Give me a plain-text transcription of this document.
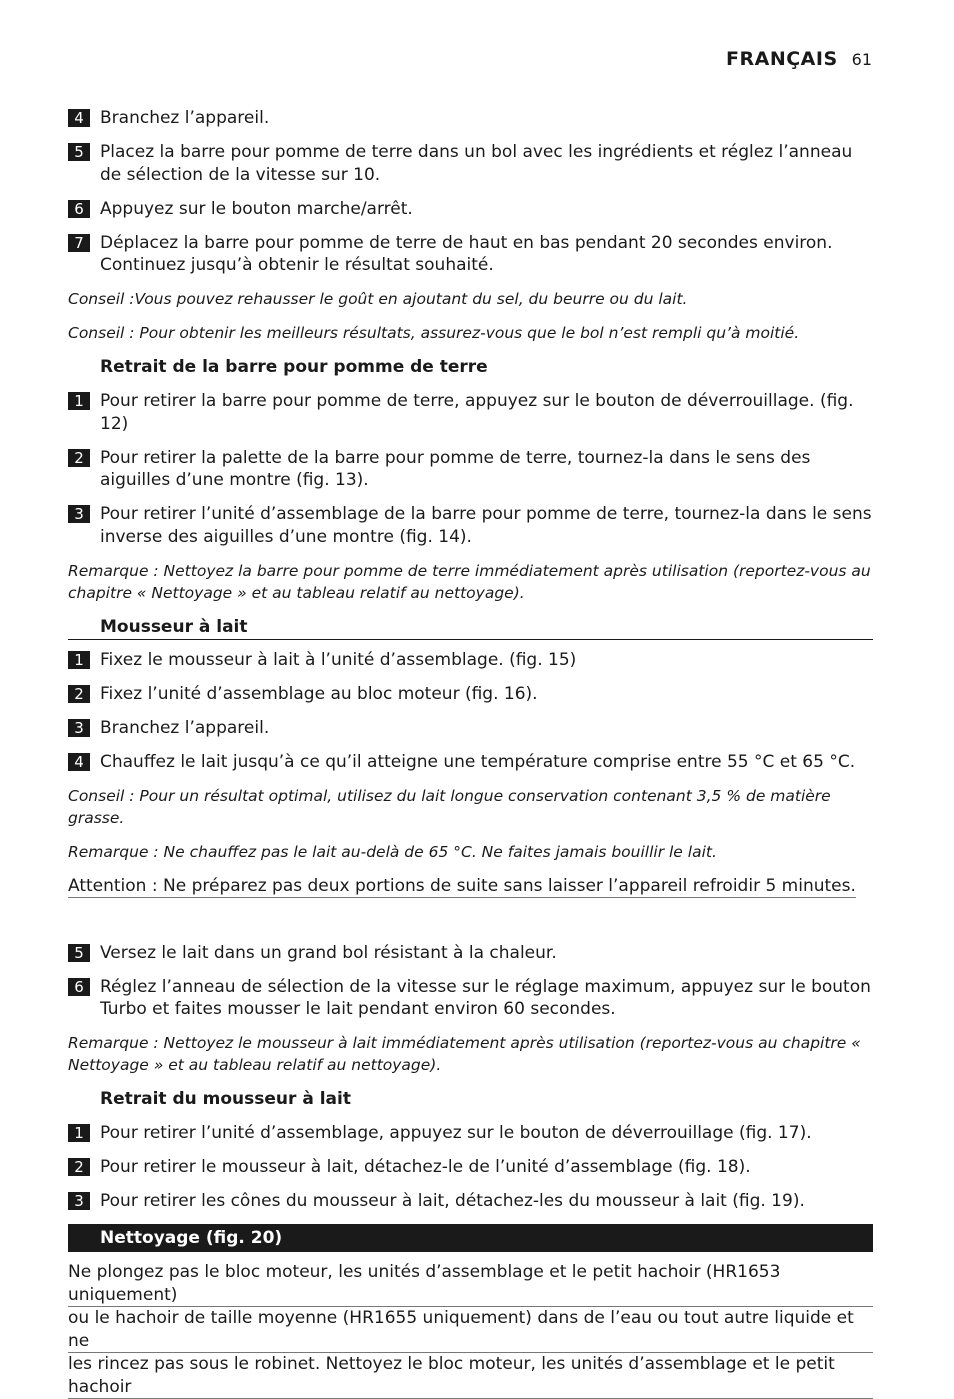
FRANÇAIS 61
4 Branchez l’appareil.
5 Placez la barre pour pomme de terre dans un bol avec les ingrédients et réglez l’anneau de sélection de la vitesse sur 10.
6 Appuyez sur le bouton marche/arrêt.
7 Déplacez la barre pour pomme de terre de haut en bas pendant 20 secondes environ. Continuez jusqu’à obtenir le résultat souhaité.
Conseil :Vous pouvez rehausser le goût en ajoutant du sel, du beurre ou du lait.
Conseil : Pour obtenir les meilleurs résultats, assurez-vous que le bol n’est rempli qu’à moitié.
Retrait de la barre pour pomme de terre
1 Pour retirer la barre pour pomme de terre, appuyez sur le bouton de déverrouillage. (fig. 12)
2 Pour retirer la palette de la barre pour pomme de terre, tournez-la dans le sens des aiguilles d’une montre (fig. 13).
3 Pour retirer l’unité d’assemblage de la barre pour pomme de terre, tournez-la dans le sens inverse des aiguilles d’une montre (fig. 14).
Remarque : Nettoyez la barre pour pomme de terre immédiatement après utilisation (reportez-vous au chapitre « Nettoyage » et au tableau relatif au nettoyage).
Mousseur à lait
1 Fixez le mousseur à lait à l’unité d’assemblage. (fig. 15)
2 Fixez l’unité d’assemblage au bloc moteur (fig. 16).
3 Branchez l’appareil.
4 Chauffez le lait jusqu’à ce qu’il atteigne une température comprise entre 55 °C et 65 °C.
Conseil : Pour un résultat optimal, utilisez du lait longue conservation contenant 3,5 % de matière grasse.
Remarque : Ne chauffez pas le lait au-delà de 65 °C. Ne faites jamais bouillir le lait.
Attention : Ne préparez pas deux portions de suite sans laisser l’appareil refroidir 5 minutes.
5 Versez le lait dans un grand bol résistant à la chaleur.
6 Réglez l’anneau de sélection de la vitesse sur le réglage maximum, appuyez sur le bouton Turbo et faites mousser le lait pendant environ 60 secondes.
Remarque : Nettoyez le mousseur à lait immédiatement après utilisation (reportez-vous au chapitre « Nettoyage » et au tableau relatif au nettoyage).
Retrait du mousseur à lait
1 Pour retirer l’unité d’assemblage, appuyez sur le bouton de déverrouillage (fig. 17).
2 Pour retirer le mousseur à lait, détachez-le de l’unité d’assemblage (fig. 18).
3 Pour retirer les cônes du mousseur à lait, détachez-les du mousseur à lait (fig. 19).
Nettoyage (fig. 20)
Ne plongez pas le bloc moteur, les unités d’assemblage et le petit hachoir (HR1653 uniquement)
ou le hachoir de taille moyenne (HR1655 uniquement) dans de l’eau ou tout autre liquide et ne
les rincez pas sous le robinet. Nettoyez le bloc moteur, les unités d’assemblage et le petit hachoir
